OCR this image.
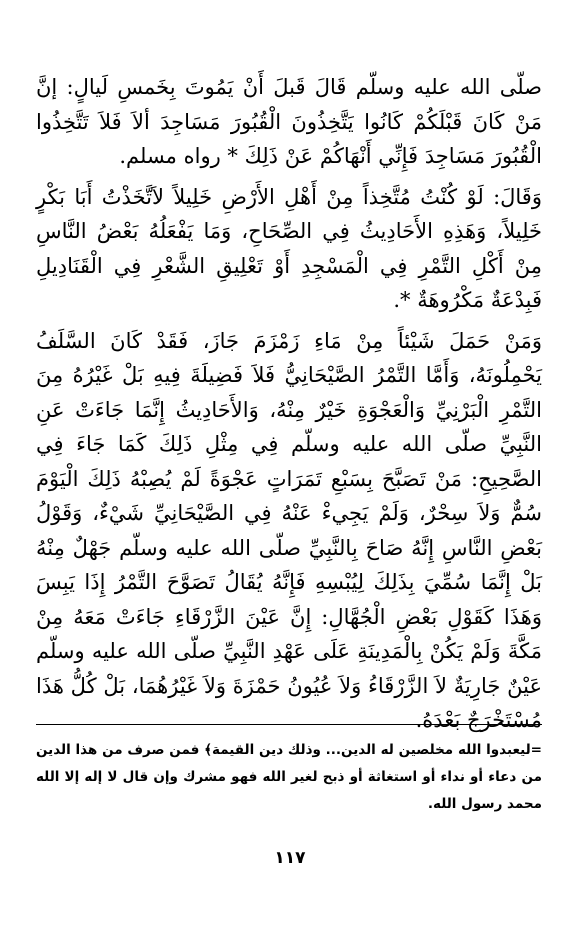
صلّى الله عليه وسلّم قَالَ قَبلَ أَنْ يَمُوتَ بِخَمسِ لَيالٍ: إنَّ مَنْ كَانَ قَبْلَكُمْ كَانُوا يَتَّخِذُونَ الْقُبُورَ مَسَاجِدَ ألاَ فَلاَ تَتَّخِذُوا الْقُبُورَ مَسَاجِدَ فَإِنِّي أَنْهَاكُمْ عَنْ ذَلِكَ * رواه مسلم.

وَقَالَ: لَوْ كُنْتُ مُتَّخِذاً مِنْ أَهْلِ الأَرْضِ خَلِيلاً لاَتَّخَذْتُ أَبَا بَكْرٍ خَلِيلاً، وَهَذِهِ الأَحَادِيثُ فِي الصِّحَاحِ، وَمَا يَفْعَلُهُ بَعْضُ النَّاسِ مِنْ أَكْلِ التَّمْرِ فِي الْمَسْجِدِ أَوْ تَعْلِيقِ الشَّعْرِ فِي الْقَنَادِيلِ فَبِدْعَةٌ مَكْرُوهَةٌ *.

وَمَنْ حَمَلَ شَيْئاً مِنْ مَاءِ زَمْزَمَ جَازَ، فَقَدْ كَانَ السَّلَفُ يَحْمِلُونَهُ، وَأَمَّا التَّمْرُ الصَّيْحَانِيُّ فَلاَ فَضِيلَةَ فِيهِ بَلْ غَيْرُهُ مِنَ التَّمْرِ الْبَرْنِيِّ وَالْعَجْوَةِ خَيْرٌ مِنْهُ، وَالأَحَادِيثُ إِنَّمَا جَاءَتْ عَنِ النَّبِيِّ صلّى الله عليه وسلّم فِي مِثْلِ ذَلِكَ كَمَا جَاءَ فِي الصَّحِيحِ: مَنْ تَصَبَّحَ بِسَبْعِ تَمَرَاتٍ عَجْوَةً لَمْ يُصِبْهُ ذَلِكَ الْيَوْمَ سُمٌّ وَلاَ سِحْرٌ، وَلَمْ يَجِيءْ عَنْهُ فِي الصَّيْحَانِيِّ شَيْءٌ، وَقَوْلُ بَعْضِ النَّاسِ إِنَّهُ صَاحَ بِالنَّبِيِّ صلّى الله عليه وسلّم جَهْلٌ مِنْهُ بَلْ إِنَّمَا سُمِّيَ بِذَلِكَ لِيُبْسِهِ فَإِنَّهُ يُقَالُ تَصَوَّحَ التَّمْرُ إِذَا يَبِسَ وَهَذَا كَقَوْلِ بَعْضِ الْجُهَّالِ: إِنَّ عَيْنَ الزَّرْقَاءِ جَاءَتْ مَعَهُ مِنْ مَكَّةَ وَلَمْ يَكُنْ بِالْمَدِينَةِ عَلَى عَهْدِ النَّبِيِّ صلّى الله عليه وسلّم عَيْنٌ جَارِيَةٌ لاَ الزَّرْقَاءُ وَلاَ عُيُونُ حَمْزَةَ وَلاَ غَيْرُهُمَا، بَلْ كُلُّ هَذَا مُسْتَخْرَجٌ بَعْدَهُ.

=ليعبدوا الله مخلصين له الدين... وذلك دين القيمة﴾ فمن صرف من هذا الدين من دعاء أو نداء أو استغاثة أو ذبح لغير الله فهو مشرك وإن قال لا إله إلا الله محمد رسول الله.

١١٧
